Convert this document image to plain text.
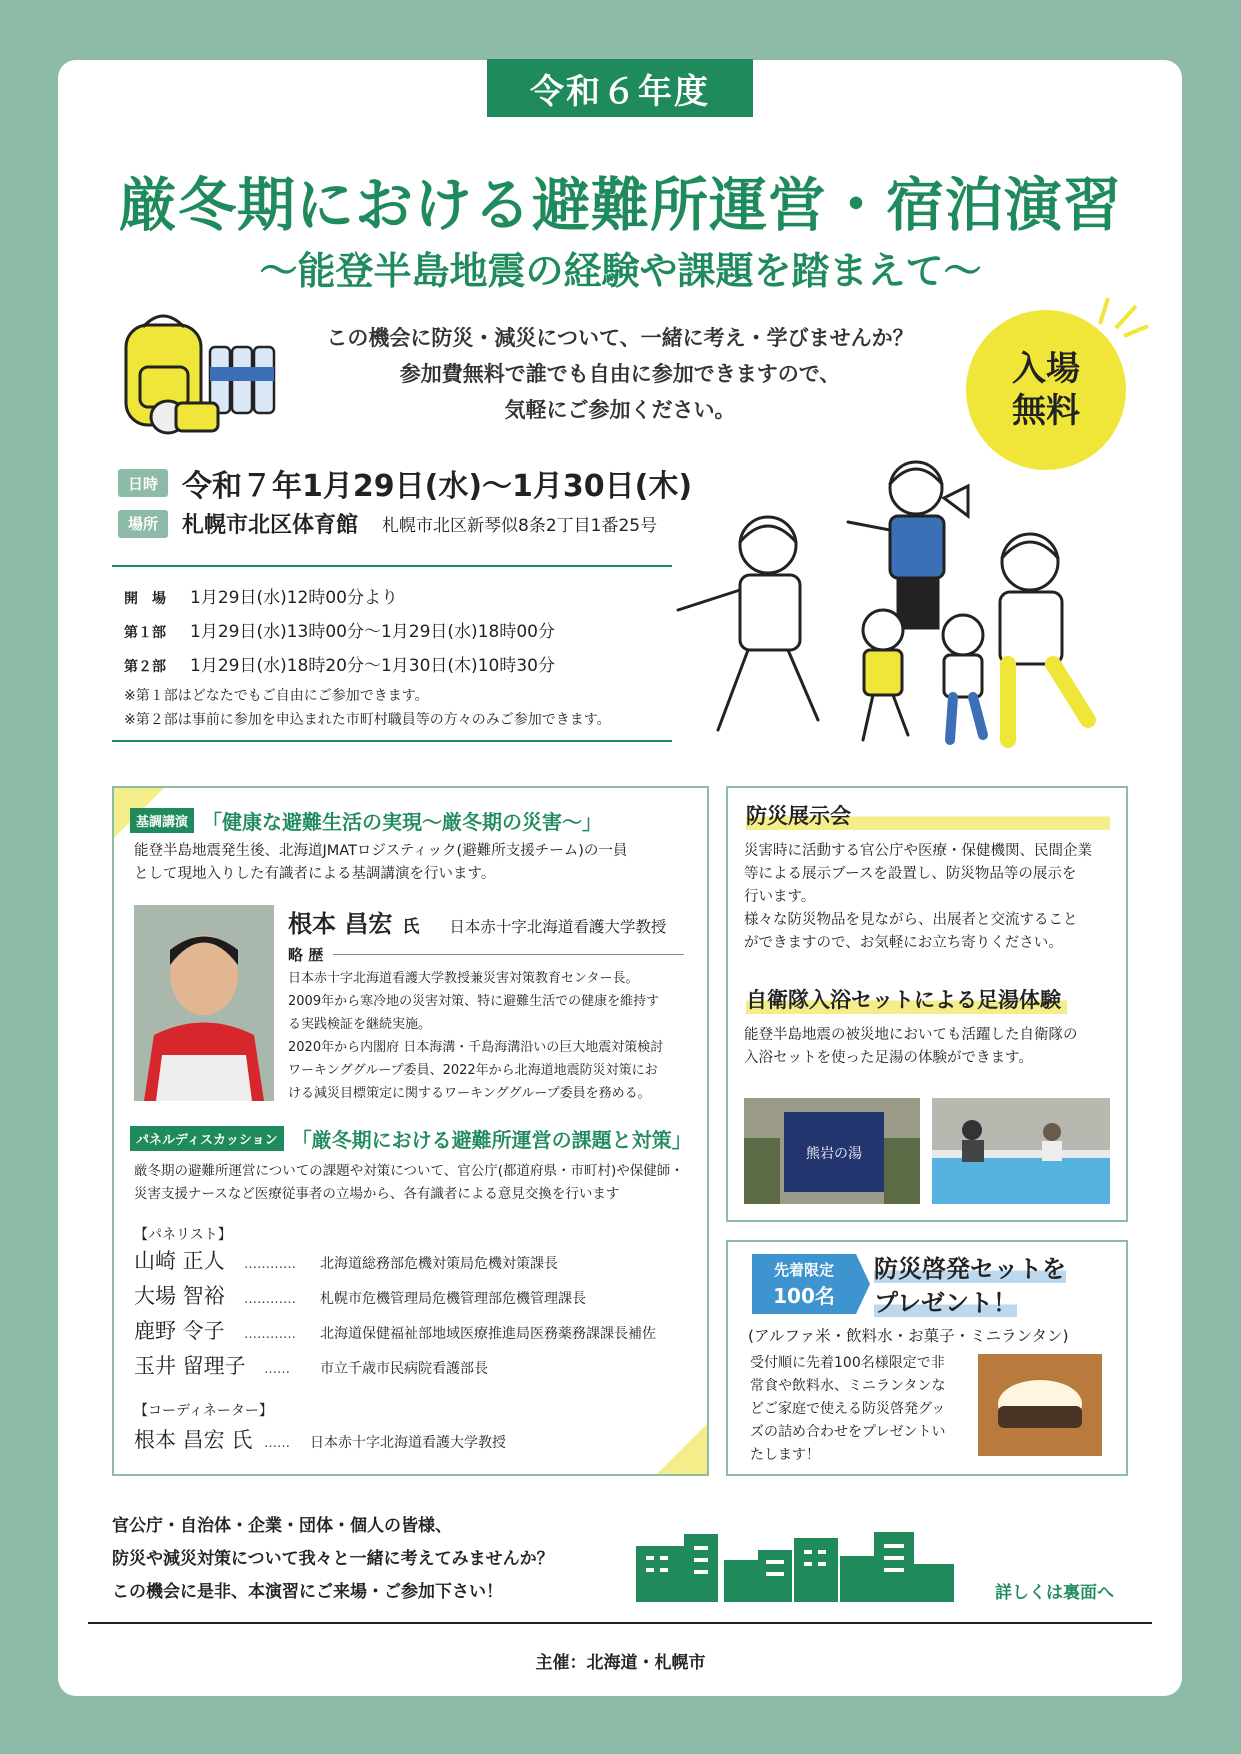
令和６年度
厳冬期における避難所運営・宿泊演習
～能登半島地震の経験や課題を踏まえて～
この機会に防災・減災について、一緒に考え・学びませんか？
参加費無料で誰でも自由に参加できますので、
気軽にご参加ください。
入場
無料
日時 令和７年1月29日(水)～1月30日(木)
場所	札幌市北区体育館 札幌市北区新琴似8条2丁目1番25号
開　場 1月29日(水)12時00分より
第１部 1月29日(水)13時00分～1月29日(水)18時00分
第２部 1月29日(水)18時20分～1月30日(木)10時30分
※第１部はどなたでもご自由にご参加できます。
※第２部は事前に参加を申込まれた市町村職員等の方々のみご参加できます。
基調講演 「健康な避難生活の実現～厳冬期の災害～」
能登半島地震発生後、北海道JMATロジスティック(避難所支援チーム)の一員
として現地入りした有識者による基調講演を行います。
根本 昌宏 氏 日本赤十字北海道看護大学教授
略 歴
日本赤十字北海道看護大学教授兼災害対策教育センター長。
2009年から寒冷地の災害対策、特に避難生活での健康を維持す
る実践検証を継続実施。
2020年から内閣府 日本海溝・千島海溝沿いの巨大地震対策検討
ワーキンググループ委員、2022年から北海道地震防災対策にお
ける減災目標策定に関するワーキンググループ委員を務める。
パネルディスカッション 「厳冬期における避難所運営の課題と対策」
厳冬期の避難所運営についての課題や対策について、官公庁(都道府県・市町村)や保健師・
災害支援ナースなど医療従事者の立場から、各有識者による意見交換を行います
【パネリスト】
山崎 正人	…………	北海道総務部危機対策局危機対策課長
大場 智裕	…………	札幌市危機管理局危機管理部危機管理課長
鹿野 令子	…………	北海道保健福祉部地域医療推進局医務薬務課課長補佐
玉井 留理子	……	市立千歳市民病院看護部長
【コーディネーター】
根本 昌宏 氏 ……	日本赤十字北海道看護大学教授
防災展示会
災害時に活動する官公庁や医療・保健機関、民間企業
等による展示ブースを設置し、防災物品等の展示を
行います。
様々な防災物品を見ながら、出展者と交流すること
ができますので、お気軽にお立ち寄りください。
自衛隊入浴セットによる足湯体験
能登半島地震の被災地においても活躍した自衛隊の
入浴セットを使った足湯の体験ができます。
熊岩の湯
先着限定
100名
防災啓発セットを
プレゼント！
(アルファ米・飲料水・お菓子・ミニランタン)
受付順に先着100名様限定で非
常食や飲料水、ミニランタンな
どご家庭で使える防災啓発グッ
ズの詰め合わせをプレゼントい
たします！
官公庁・自治体・企業・団体・個人の皆様、
防災や減災対策について我々と一緒に考えてみませんか？
この機会に是非、本演習にご来場・ご参加下さい！	詳しくは裏面へ
主催：北海道・札幌市
